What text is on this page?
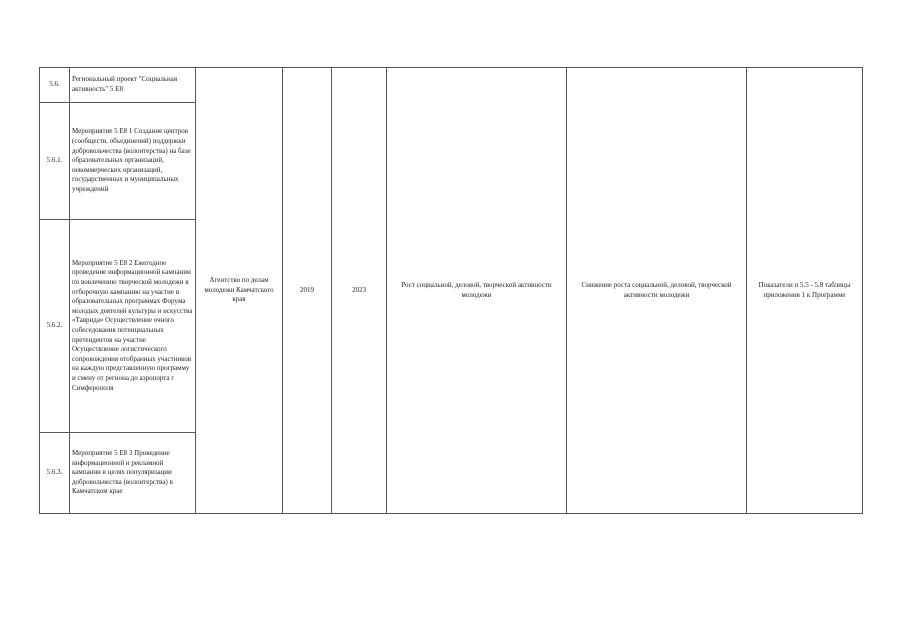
5.6.	Региональный проект "Социальная активность" 5 E8	Агентство по делам молодежи Камчатского края	2019	2023	Рост социальной, деловой, творческой активности молодежи	Снижение роста социальной, деловой, творческой активности молодежи	Показатели п 5.5 - 5.8 таблицы приложения 1 к Программе
5.6.1.	Мероприятие 5 E8 1 Создание центров (сообществ, объединений) поддержки добровольчества (волонтерства) на базе образовательных организаций, некоммерческих организаций, государственных и муниципальных учреждений						
5.6.2.	Мероприятие 5 E8 2 Ежегодное проведение информационной кампании по вовлечению творческой молодежи в отборочную кампанию на участие в образовательных программах Форума молодых деятелей культуры и искусства «Таврида» Осуществление очного собеседования потенциальных претендентов на участие Осуществление логистического сопровождения отобранных участников на каждую представленную программу и смену от региона до аэропорта г Симферополя						
5.6.3.	Мероприятие 5 E8 3 Проведение информационной и рекламной кампании в целях популяризации добровольчества (волонтерства) в Камчатском крае						
